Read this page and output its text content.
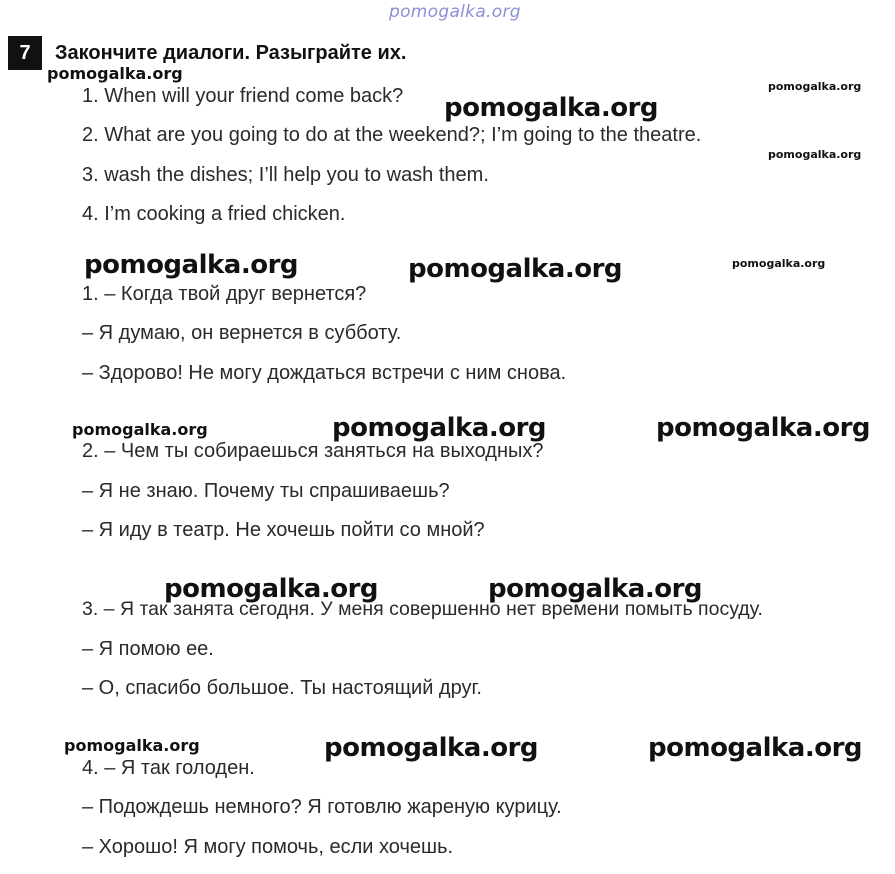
pomogalka.org
7	Закончите диалоги. Разыграйте их.
1. When will your friend come back?
2. What are you going to do at the weekend?; I’m going to the theatre.
3. wash the dishes; I’ll help you to wash them.
4. I’m cooking a fried chicken.
1. – Когда твой друг вернется?
– Я думаю, он вернется в субботу.
– Здорово! Не могу дождаться встречи с ним снова.
2. – Чем ты собираешься заняться на выходных?
– Я не знаю. Почему ты спрашиваешь?
– Я иду в театр. Не хочешь пойти со мной?
3. – Я так занята сегодня. У меня совершенно нет времени помыть посуду.
– Я помою ее.
– О, спасибо большое. Ты настоящий друг.
4. – Я так голоден.
– Подождешь немного? Я готовлю жареную курицу.
– Хорошо! Я могу помочь, если хочешь.
pomogalka.org
pomogalka.org
pomogalka.org
pomogalka.org
pomogalka.org	pomogalka.org	pomogalka.org
pomogalka.org	pomogalka.org	pomogalka.org
pomogalka.org	pomogalka.org
pomogalka.org	pomogalka.org	pomogalka.org
